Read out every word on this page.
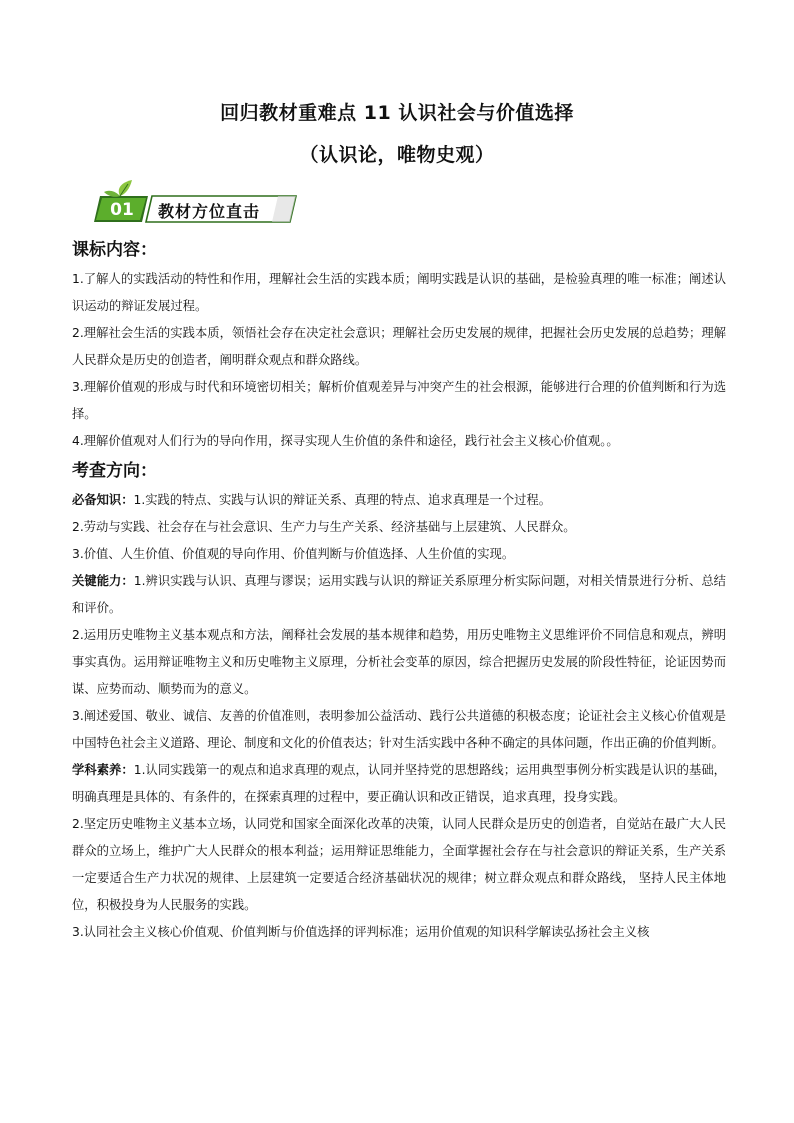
回归教材重难点 11 认识社会与价值选择
（认识论，唯物史观）
01	教材方位直击

课标内容：

1.了解人的实践活动的特性和作用，理解社会生活的实践本质；阐明实践是认识的基础，是检验真理的唯一标准；阐述认识运动的辩证发展过程。

2.理解社会生活的实践本质，领悟社会存在决定社会意识；理解社会历史发展的规律，把握社会历史发展的总趋势；理解人民群众是历史的创造者，阐明群众观点和群众路线。

3.理解价值观的形成与时代和环境密切相关；解析价值观差异与冲突产生的社会根源，能够进行合理的价值判断和行为选择。

4.理解价值观对人们行为的导向作用，探寻实现人生价值的条件和途径，践行社会主义核心价值观。。

考查方向：

必备知识：1.实践的特点、实践与认识的辩证关系、真理的特点、追求真理是一个过程。

2.劳动与实践、社会存在与社会意识、生产力与生产关系、经济基础与上层建筑、人民群众。

3.价值、人生价值、价值观的导向作用、价值判断与价值选择、人生价值的实现。

关键能力：1.辨识实践与认识、真理与谬误；运用实践与认识的辩证关系原理分析实际问题，对相关情景进行分析、总结和评价。

2.运用历史唯物主义基本观点和方法，阐释社会发展的基本规律和趋势，用历史唯物主义思维评价不同信息和观点，辨明事实真伪。运用辩证唯物主义和历史唯物主义原理，分析社会变革的原因，综合把握历史发展的阶段性特征，论证因势而谋、应势而动、顺势而为的意义。

3.阐述爱国、敬业、诚信、友善的价值准则，表明参加公益活动、践行公共道德的积极态度；论证社会主义核心价值观是中国特色社会主义道路、理论、制度和文化的价值表达；针对生活实践中各种不确定的具体问题，作出正确的价值判断。

学科素养：1.认同实践第一的观点和追求真理的观点，认同并坚持党的思想路线；运用典型事例分析实践是认识的基础，明确真理是具体的、有条件的，在探索真理的过程中，要正确认识和改正错误，追求真理，投身实践。

2.坚定历史唯物主义基本立场，认同党和国家全面深化改革的决策，认同人民群众是历史的创造者，自觉站在最广大人民群众的立场上，维护广大人民群众的根本利益；运用辩证思维能力，全面掌握社会存在与社会意识的辩证关系，生产关系一定要适合生产力状况的规律、上层建筑一定要适合经济基础状况的规律；树立群众观点和群众路线， 坚持人民主体地位，积极投身为人民服务的实践。

3.认同社会主义核心价值观、价值判断与价值选择的评判标准；运用价值观的知识科学解读弘扬社会主义核
